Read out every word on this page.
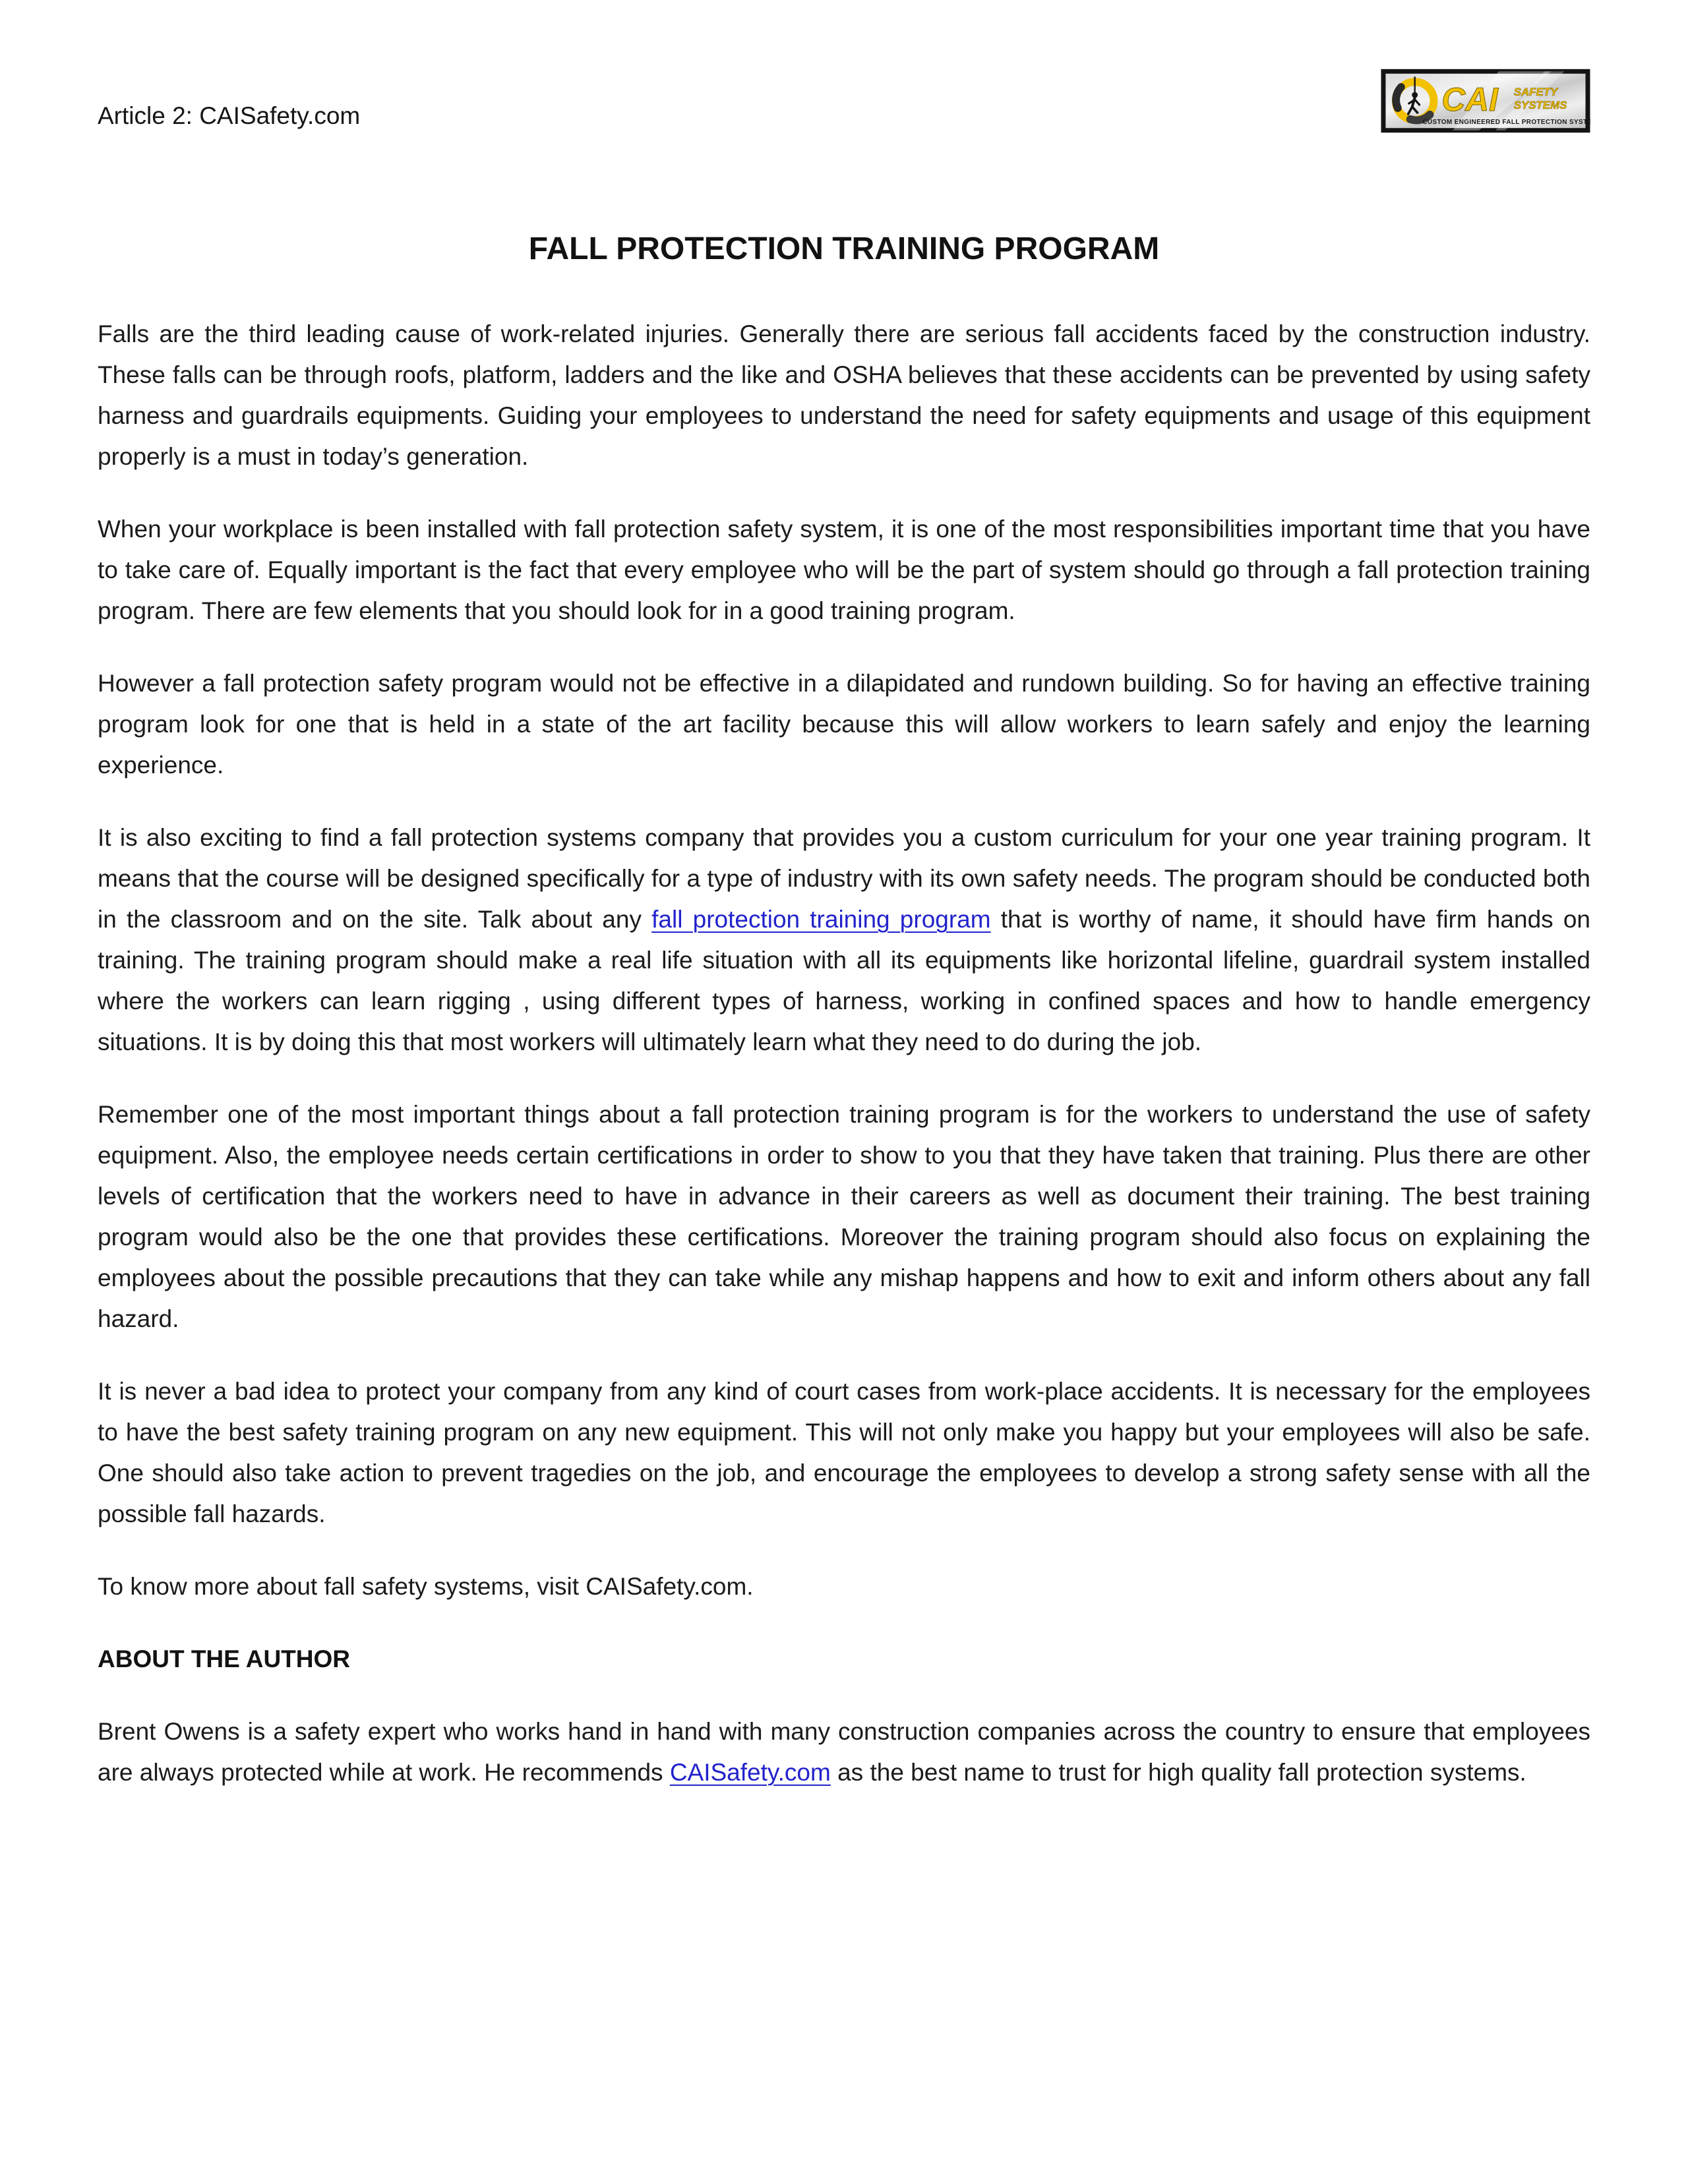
Article 2: CAISafety.com	CAI SAFETY
SYSTEMS
CUSTOM ENGINEERED FALL PROTECTION SYSTEMS
FALL PROTECTION TRAINING PROGRAM

Falls are the third leading cause of work-related injuries. Generally there are serious fall accidents faced by the construction industry. These falls can be through roofs, platform, ladders and the like and OSHA believes that these accidents can be prevented by using safety harness and guardrails equipments. Guiding your employees to understand the need for safety equipments and usage of this equipment properly is a must in today’s generation.

When your workplace is been installed with fall protection safety system, it is one of the most responsibilities important time that you have to take care of. Equally important is the fact that every employee who will be the part of system should go through a fall protection training program. There are few elements that you should look for in a good training program.

However a fall protection safety program would not be effective in a dilapidated and rundown building. So for having an effective training program look for one that is held in a state of the art facility because this will allow workers to learn safely and enjoy the learning experience.

It is also exciting to find a fall protection systems company that provides you a custom curriculum for your one year training program. It means that the course will be designed specifically for a type of industry with its own safety needs. The program should be conducted both in the classroom and on the site. Talk about any fall protection training program that is worthy of name, it should have firm hands on training. The training program should make a real life situation with all its equipments like horizontal lifeline, guardrail system installed where the workers can learn rigging , using different types of harness, working in confined spaces and how to handle emergency situations. It is by doing this that most workers will ultimately learn what they need to do during the job.

Remember one of the most important things about a fall protection training program is for the workers to understand the use of safety equipment. Also, the employee needs certain certifications in order to show to you that they have taken that training. Plus there are other levels of certification that the workers need to have in advance in their careers as well as document their training. The best training program would also be the one that provides these certifications. Moreover the training program should also focus on explaining the employees about the possible precautions that they can take while any mishap happens and how to exit and inform others about any fall hazard.

It is never a bad idea to protect your company from any kind of court cases from work-place accidents. It is necessary for the employees to have the best safety training program on any new equipment. This will not only make you happy but your employees will also be safe. One should also take action to prevent tragedies on the job, and encourage the employees to develop a strong safety sense with all the possible fall hazards.

To know more about fall safety systems, visit CAISafety.com.

ABOUT THE AUTHOR

Brent Owens is a safety expert who works hand in hand with many construction companies across the country to ensure that employees are always protected while at work. He recommends CAISafety.com as the best name to trust for high quality fall protection systems.
